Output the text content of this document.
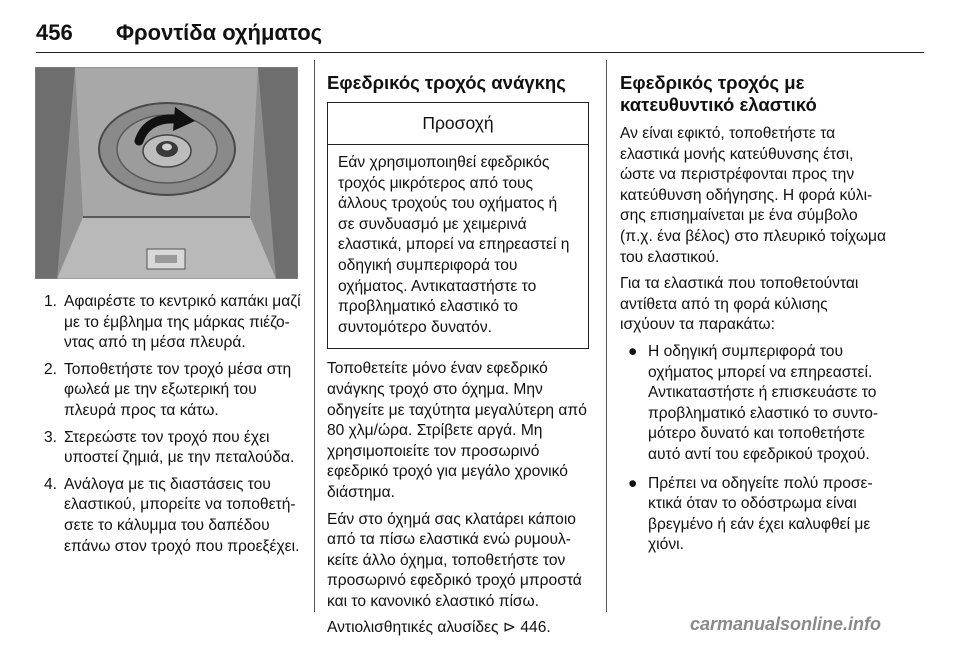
456 Φροντίδα οχήματος
1. Αφαιρέστε το κεντρικό καπάκι μαζί με το έμβλημα της μάρκας πιέζοντας από τη μέσα πλευρά.
2. Τοποθετήστε τον τροχό μέσα στη φωλεά με την εξωτερική του πλευρά προς τα κάτω.
3. Στερεώστε τον τροχό που έχει υποστεί ζημιά, με την πεταλούδα.
4. Ανάλογα με τις διαστάσεις του ελαστικού, μπορείτε να τοποθετήσετε το κάλυμμα του δαπέδου επάνω στον τροχό που προεξέχει.
Εφεδρικός τροχός ανάγκης
Προσοχή
Εάν χρησιμοποιηθεί εφεδρικός τροχός μικρότερος από τους άλλους τροχούς του οχήματος ή σε συνδυασμό με χειμερινά ελαστικά, μπορεί να επηρεαστεί η οδηγική συμπεριφορά του οχήματος. Αντικαταστήστε το προβληματικό ελαστικό το συντομότερο δυνατόν.

Τοποθετείτε μόνο έναν εφεδρικό ανάγκης τροχό στο όχημα. Μην οδηγείτε με ταχύτητα μεγαλύτερη από 80 χλμ/ώρα. Στρίβετε αργά. Μη χρησιμοποιείτε τον προσωρινό εφεδρικό τροχό για μεγάλο χρονικό διάστημα.

Εάν στο όχημά σας κλατάρει κάποιο από τα πίσω ελαστικά ενώ ρυμουλκείτε άλλο όχημα, τοποθετήστε τον προσωρινό εφεδρικό τροχό μπροστά και το κανονικό ελαστικό πίσω.

Αντιολισθητικές αλυσίδες ⊳ 446.

Εφεδρικός τροχός με κατευθυντικό ελαστικό

Αν είναι εφικτό, τοποθετήστε τα ελαστικά μονής κατεύθυνσης έτσι, ώστε να περιστρέφονται προς την κατεύθυνση οδήγησης. Η φορά κύλισης επισημαίνεται με ένα σύμβολο (π.χ. ένα βέλος) στο πλευρικό τοίχωμα του ελαστικού.

Για τα ελαστικά που τοποθετούνται αντίθετα από τη φορά κύλισης ισχύουν τα παρακάτω:

● Η οδηγική συμπεριφορά του οχήματος μπορεί να επηρεαστεί. Αντικαταστήστε ή επισκευάστε το προβληματικό ελαστικό το συντομότερο δυνατό και τοποθετήστε αυτό αντί του εφεδρικού τροχού.
● Πρέπει να οδηγείτε πολύ προσεκτικά όταν το οδόστρωμα είναι βρεγμένο ή εάν έχει καλυφθεί με χιόνι.
carmanualsonline.info
